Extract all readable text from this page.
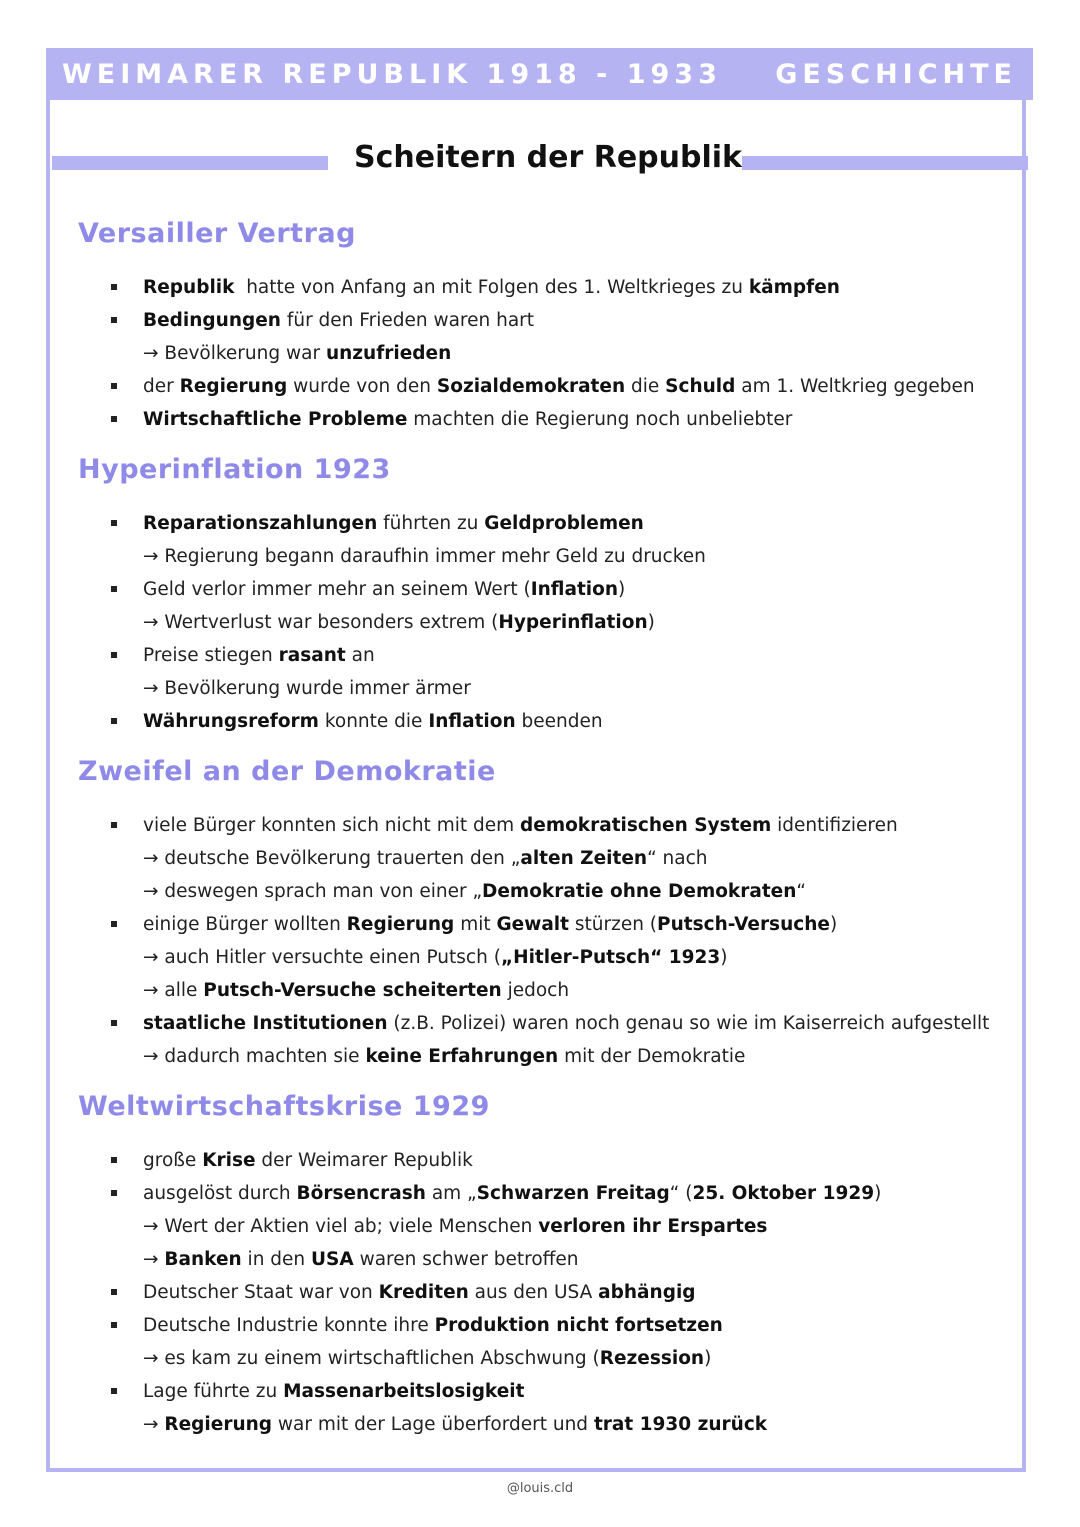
WEIMARER REPUBLIK 1918 - 1933 GESCHICHTE
Scheitern der Republik
Versailler Vertrag
Republik  hatte von Anfang an mit Folgen des 1. Weltkrieges zu kämpfen
Bedingungen für den Frieden waren hart
→ Bevölkerung war unzufrieden
der Regierung wurde von den Sozialdemokraten die Schuld am 1. Weltkrieg gegeben
Wirtschaftliche Probleme machten die Regierung noch unbeliebter
Hyperinflation 1923
Reparationszahlungen führten zu Geldproblemen
→ Regierung begann daraufhin immer mehr Geld zu drucken
Geld verlor immer mehr an seinem Wert (Inflation)
→ Wertverlust war besonders extrem (Hyperinflation)
Preise stiegen rasant an
→ Bevölkerung wurde immer ärmer
Währungsreform konnte die Inflation beenden
Zweifel an der Demokratie
viele Bürger konnten sich nicht mit dem demokratischen System identifizieren
→ deutsche Bevölkerung trauerten den „alten Zeiten“ nach
→ deswegen sprach man von einer „Demokratie ohne Demokraten“
einige Bürger wollten Regierung mit Gewalt stürzen (Putsch-Versuche)
→ auch Hitler versuchte einen Putsch („Hitler-Putsch“ 1923)
→ alle Putsch-Versuche scheiterten jedoch
staatliche Institutionen (z.B. Polizei) waren noch genau so wie im Kaiserreich aufgestellt
→ dadurch machten sie keine Erfahrungen mit der Demokratie
Weltwirtschaftskrise 1929
große Krise der Weimarer Republik
ausgelöst durch Börsencrash am „Schwarzen Freitag“ (25. Oktober 1929)
→ Wert der Aktien viel ab; viele Menschen verloren ihr Erspartes
→ Banken in den USA waren schwer betroffen
Deutscher Staat war von Krediten aus den USA abhängig
Deutsche Industrie konnte ihre Produktion nicht fortsetzen
→ es kam zu einem wirtschaftlichen Abschwung (Rezession)
Lage führte zu Massenarbeitslosigkeit
→ Regierung war mit der Lage überfordert und trat 1930 zurück
@louis.cld
